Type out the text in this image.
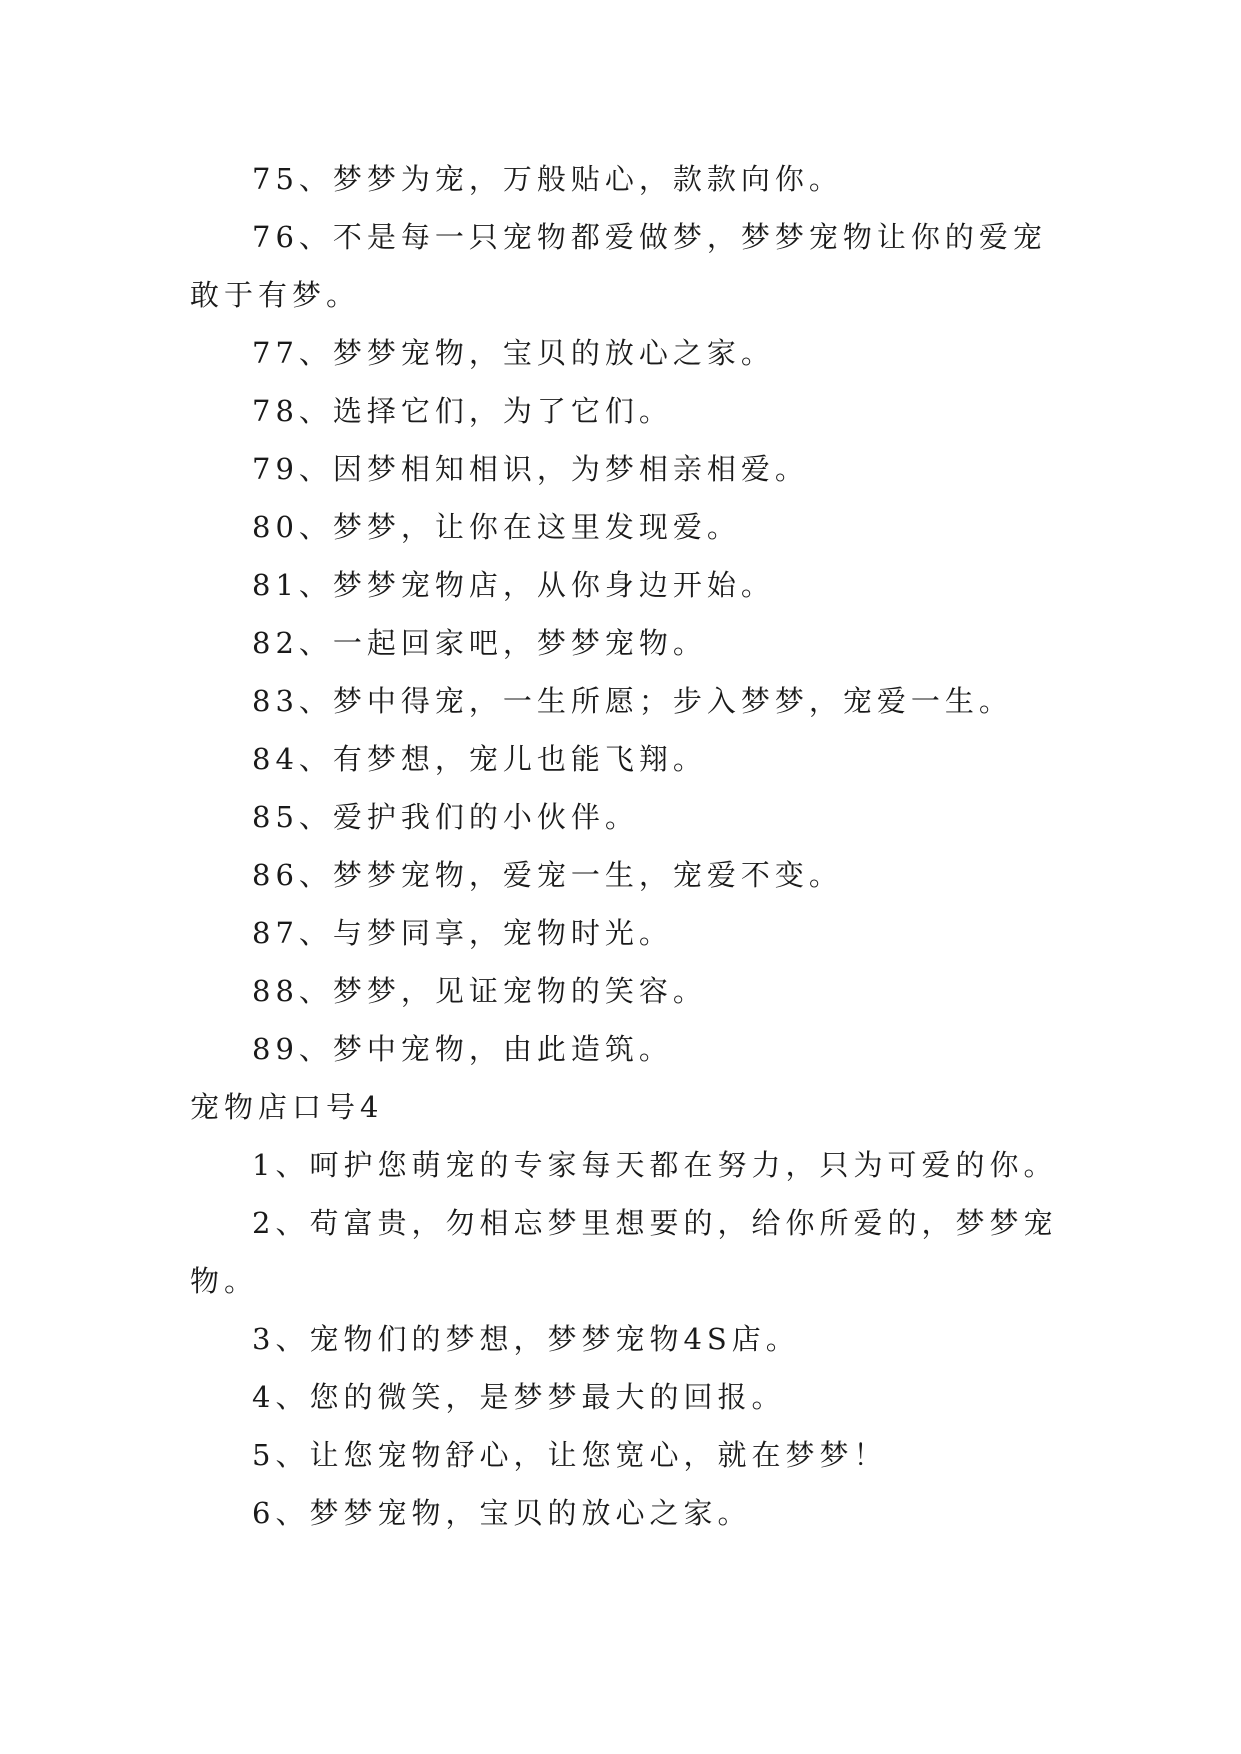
75、梦梦为宠，万般贴心，款款向你。

76、不是每一只宠物都爱做梦，梦梦宠物让你的爱宠敢于有梦。

77、梦梦宠物，宝贝的放心之家。

78、选择它们，为了它们。

79、因梦相知相识，为梦相亲相爱。

80、梦梦，让你在这里发现爱。

81、梦梦宠物店，从你身边开始。

82、一起回家吧，梦梦宠物。

83、梦中得宠，一生所愿；步入梦梦，宠爱一生。

84、有梦想，宠儿也能飞翔。

85、爱护我们的小伙伴。

86、梦梦宠物，爱宠一生，宠爱不变。

87、与梦同享，宠物时光。

88、梦梦，见证宠物的笑容。

89、梦中宠物，由此造筑。

宠物店口号4

1、呵护您萌宠的专家每天都在努力，只为可爱的你。

2、苟富贵，勿相忘梦里想要的，给你所爱的，梦梦宠物。

3、宠物们的梦想，梦梦宠物4S店。

4、您的微笑，是梦梦最大的回报。

5、让您宠物舒心，让您宽心，就在梦梦！

6、梦梦宠物，宝贝的放心之家。
